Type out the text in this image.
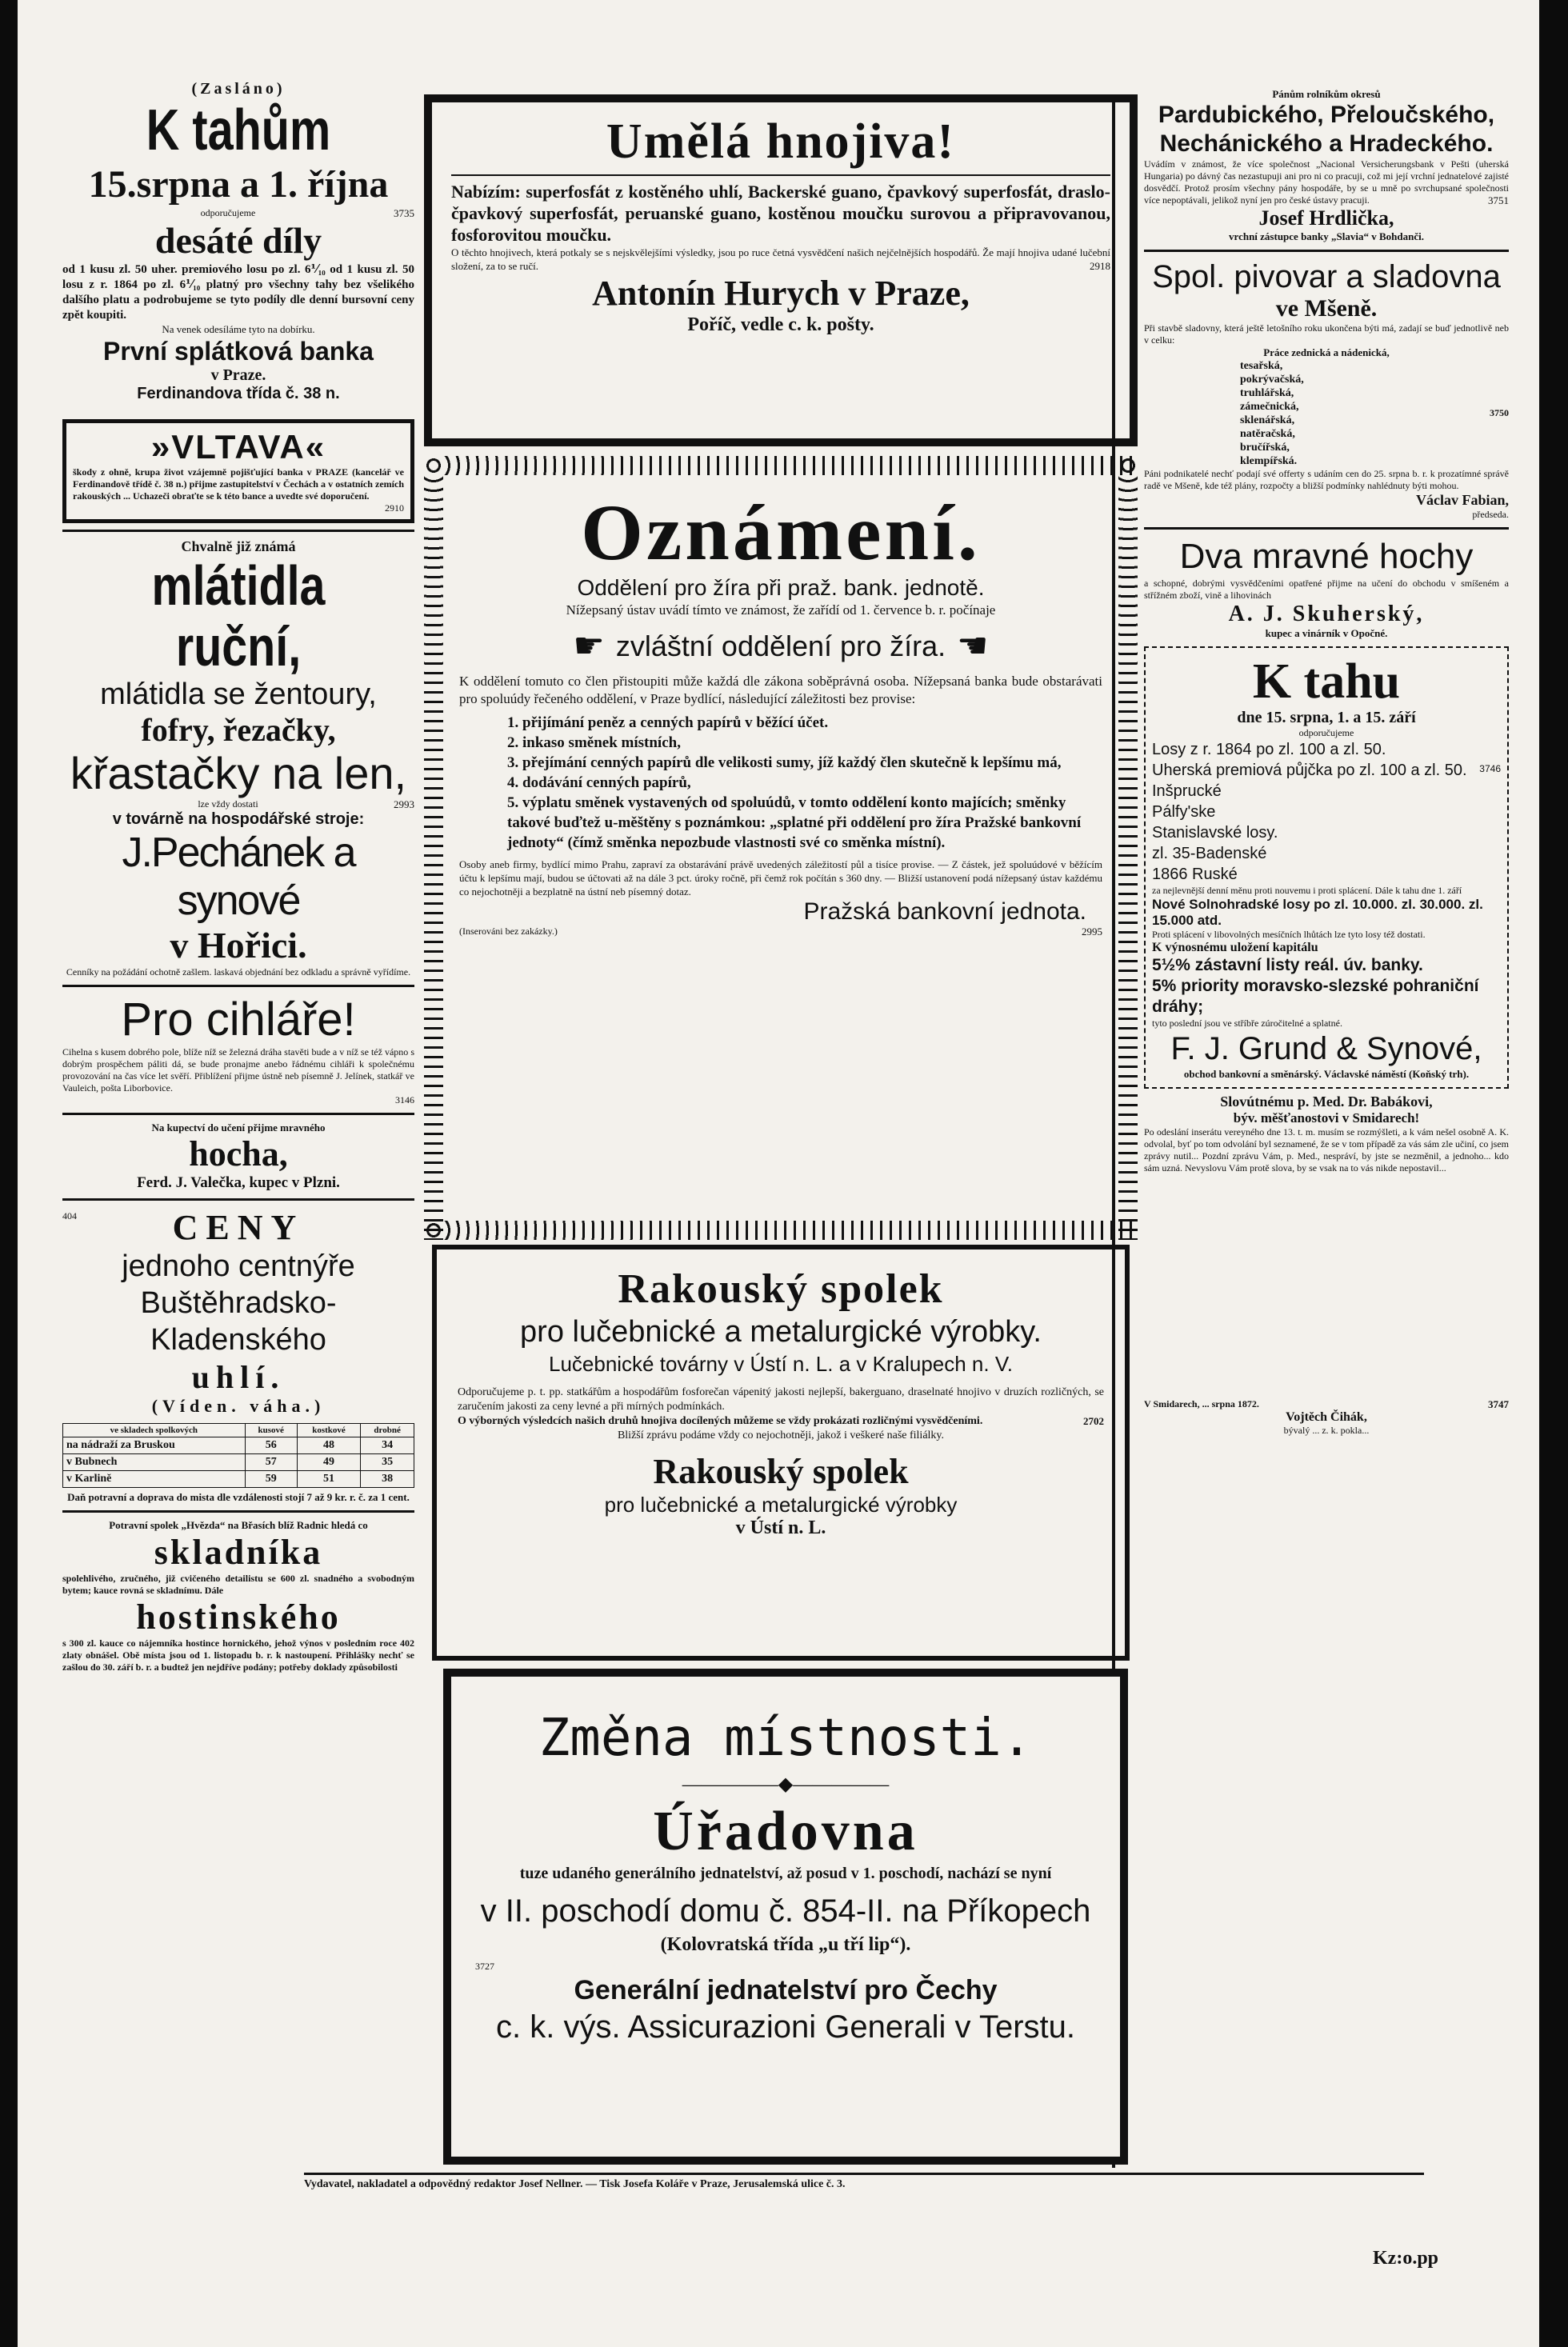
(Zasláno)
K tahům
15.srpna a 1. října
odporučujeme	3735
desáté díly
od 1 kusu zl. 50 uher. premiového losu po zl. 6⅟₁₀ od 1 kusu zl. 50 losu z r. 1864 po zl. 6⅟₁₀ platný pro všechny tahy bez všelikého dalšího platu a podrobujeme se tyto podíly dle denní bursovní ceny zpět koupiti.
Na venek odesíláme tyto na dobírku.
První splátková banka
v Praze.
Ferdinandova třída č. 38 n.
»VLTAVA«
škody z ohně, krupa život vzájemně pojišťující banka v PRAZE (kancelář ve Ferdinandově třídě č. 38 n.) přijme zastupitelství v Čechách a v ostatních zemích rakouských ... Uchazeči obraťte se k této bance a uvedte své doporučení.
2910
Chvalně již známá
mlátidla ruční,
mlátidla se žentoury,
fofry, řezačky,
křastačky na len,
lze vždy dostati	2993
v továrně na hospodářské stroje:
J.Pechánek a synové
v Hořici.
Cenníky na požádání ochotně zašlem. laskavá objednání bez odkladu a správně vyřídíme.
Pro cihláře!
Cihelna s kusem dobrého pole, blíže níž se železná dráha stavěti bude a v níž se též vápno s dobrým prospěchem páliti dá, se bude pronajme anebo řádnému cihláři k společnému provozování na čas více let svěří. Přiblížení přijme ústně neb písemně J. Jelínek, statkář ve Vauleich, pošta Liborbovice.
3146
Na kupectví do učení přijme mravného
hocha,
Ferd. J. Valečka, kupec v Plzni.
404	CENY
jednoho centnýře Buštěhradsko-Kladenského
uhlí.
(Víden. váha.)
ve skladech spolkových	kusové	kostkové	drobné
na nádraží za Bruskou	56	48	34
v Bubnech	57	49	35
v Karlině	59	51	38
Daň potravní a doprava do mista dle vzdálenosti stojí 7 až 9 kr. r. č. za 1 cent.
Potravní spolek „Hvězda“ na Břasích blíž Radnic hledá co
skladníka
spolehlivého, zručného, již cvičeného detailistu se 600 zl. snadného a svobodným bytem; kauce rovná se skladnímu. Dále
hostinského
s 300 zl. kauce co nájemníka hostince hornického, jehož výnos v posledním roce 402 zlaty obnášel. Obě místa jsou od 1. listopadu b. r. k nastoupení. Přihlášky nechť se zašlou do 30. září b. r. a budtež jen nejdříve podány; potřeby doklady způsobilosti
Umělá hnojiva!
Nabízím: superfosfát z kostěného uhlí, Backerské guano, čpavkový superfosfát, draslo-čpavkový superfosfát, peruanské guano, kostěnou moučku surovou a připravovanou, fosforovitou moučku.
O těchto hnojivech, která potkaly se s nejskvělejšími výsledky, jsou po ruce četná vysvědčení našich nejčelnějších hospodářů. Že mají hnojiva udané lučební složení, za to se ručí.	2918
Antonín Hurych v Praze,
Poříč, vedle c. k. pošty.
Oznámení.
Oddělení pro žíra při praž. bank. jednotě.
Nížepsaný ústav uvádí tímto ve známost, že zařídí od 1. července b. r. počínaje
☛ zvláštní oddělení pro žíra. ☛
K oddělení tomuto co člen přistoupiti může každá dle zákona soběprávná osoba. Nížepsaná banka bude obstarávati pro spoluúdy řečeného oddělení, v Praze bydlící, následující záležitosti bez provise:
1. přijímání peněz a cenných papírů v běžící účet.
2. inkaso směnek místních,
3. přejímání cenných papírů dle velikosti sumy, jíž každý člen skutečně k lepšímu má,
4. dodávání cenných papírů,
5. výplatu směnek vystavených od spoluúdů, v tomto oddělení konto majících; směnky takové buďtež u-měštěny s poznámkou: „splatné při oddělení pro žíra Pražské bankovní jednoty“ (čímž směnka nepozbude vlastnosti své co směnka místní).
Osoby aneb firmy, bydlící mimo Prahu, zapraví za obstarávání právě uvedených záležitostí půl a tisíce provise. — Z částek, jež spoluúdové v běžícím účtu k lepšímu mají, budou se účtovati až na dále 3 pct. úroky ročně, při čemž rok počítán s 360 dny. — Bližší ustanovení podá nížepsaný ústav každému co nejochotněji a bezplatně na ústní neb písemný dotaz.
Pražská bankovní jednota.
(Inserováni bez zakázky.)	2995
Rakouský spolek
pro lučebnické a metalurgické výrobky.
Lučebnické továrny v Ústí n. L. a v Kralupech n. V.
Odporučujeme p. t. pp. statkářům a hospodářům fosforečan vápenitý jakosti nejlepší, bakerguano, draselnaté hnojivo v druzích rozličných, se zaručením jakosti za ceny levné a při mírných podmínkách.
O výborných výsledcích našich druhů hnojiva docílených můžeme se vždy prokázati rozličnými vysvědčeními.	2702
Bližší zprávu podáme vždy co nejochotněji, jakož i veškeré naše filiálky.
Rakouský spolek
pro lučebnické a metalurgické výrobky
v Ústí n. L.
Změna místnosti.
—————◆—————
Úřadovna
tuze udaného generálního jednatelství, až posud v 1. poschodí, nachází se nyní
v II. poschodí domu č. 854-II. na Příkopech
(Kolovratská třída „u tří lip“).
3727
Generální jednatelství pro Čechy
c. k. výs. Assicurazioni Generali v Terstu.
Pánům rolníkům okresů
Pardubického, Přeloučského, Nechánického a Hradeckého.
Uvádím v známost, že více společnost „Nacional Versicherungsbank v Pešti (uherská Hungaria) po dávný čas nezastupuji ani pro ni co pracuji, což mi její vrchní jednatelové zajisté dosvědčí. Protož prosím všechny pány hospodáře, by se u mně po svrchupsané společnosti více nepoptávali, jelikož nyní jen pro české ústavy pracuji.	3751
Josef Hrdlička,
vrchní zástupce banky „Slavia“ v Bohdanči.
Spol. pivovar a sladovna
ve Mšeně.
Při stavbě sladovny, která ještě letošního roku ukončena býti má, zadají se buď jednotlivě neb v celku:
Práce zednická a nádenická,
3750
tesařská,
pokrývačská,
truhlářská,
zámečnická,
sklenářská,
natěračská,
bručířská,
klempířská.
Páni podnikatelé nechť podají své offerty s udáním cen do 25. srpna b. r. k prozatímné správě radě ve Mšeně, kde též plány, rozpočty a bližší podmínky nahlédnuty býti mohou.
Václav Fabian,
předseda.
Dva mravné hochy
a schopné, dobrými vysvědčeními opatřené přijme na učení do obchodu v smíšeném a střížném zboží, vině a lihovinách
A. J. Skuherský,
kupec a vinárník v Opočné.
K tahu
dne 15. srpna, 1. a 15. září
odporučujeme
3746
Losy z r. 1864 po zl. 100 a zl. 50.
Uherská premiová půjčka po zl. 100 a zl. 50.
Inšprucké
Pálfy'ske
Stanislavské losy.
zl. 35-Badenské
1866 Ruské
za nejlevnější denní měnu proti nouvemu i proti splácení. Dále k tahu dne 1. září
Nové Solnohradské losy po zl. 10.000. zl. 30.000. zl. 15.000 atd.
Proti splácení v libovolných mesíčních lhůtách lze tyto losy též dostati.
K výnosnému uložení kapitálu
5½% zástavní listy reál. úv. banky.
5% priority moravsko-slezské pohraniční dráhy;
tyto poslední jsou ve stříbře zúročitelné a splatné.
F. J. Grund & Synové,
obchod bankovní a směnárský. Václavské náměstí (Koňský trh).
Slovútnému p. Med. Dr. Babákovi,
býv. měšťanostovi v Smidarech!
Po odeslání inserátu vereyného dne 13. t. m. musím se rozmýšleti, a k vám nešel osobně A. K. odvolal, byť po tom odvolání byl seznamené, že se v tom případě za vás sám zle učiní, co jsem zprávy nutil... Pozdní zprávu Vám, p. Med., nespráví, by jste se nezměnil, a jednoho... kdo sám uzná. Nevyslovu Vám protě slova, by se vsak na to vás nikde nepostavil...
V Smidarech, ... srpna 1872.	3747
Vojtěch Čihák,
bývalý ... z. k. pokla...
Vydavatel, nakladatel a odpovědný redaktor Josef Nellner. — Tisk Josefa Koláře v Praze, Jerusalemská ulice č. 3.
Kz:o.pp
